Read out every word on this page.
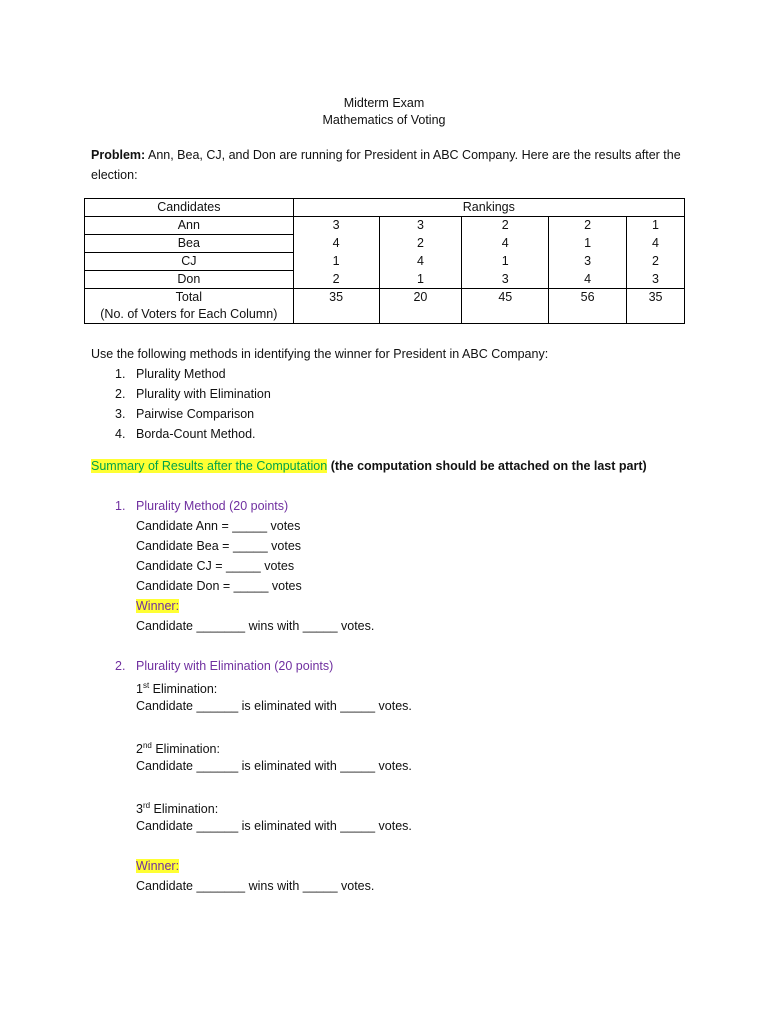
Midterm Exam
Mathematics of Voting
Problem: Ann, Bea, CJ, and Don are running for President in ABC Company. Here are the results after the
election:
Candidates	Rankings				
Ann	3	3	2	2	1
Bea	4	2	4	1	4
CJ	1	4	1	3	2
Don	2	1	3	4	3

Total
(No. of Voters for Each Column)	35	20	45	56	35
Use the following methods in identifying the winner for President in ABC Company:
1. Plurality Method
2. Plurality with Elimination
3. Pairwise Comparison
4. Borda-Count Method.
Summary of Results after the Computation (the computation should be attached on the last part)
1. Plurality Method (20 points)
Candidate Ann = _____ votes
Candidate Bea = _____ votes
Candidate CJ = _____ votes
Candidate Don = _____ votes
Winner:
Candidate _______ wins with _____ votes.
2. Plurality with Elimination (20 points)
1st Elimination:
Candidate ______ is eliminated with _____ votes.
2nd Elimination:
Candidate ______ is eliminated with _____ votes.
3rd Elimination:
Candidate ______ is eliminated with _____ votes.
Winner:
Candidate _______ wins with _____ votes.
